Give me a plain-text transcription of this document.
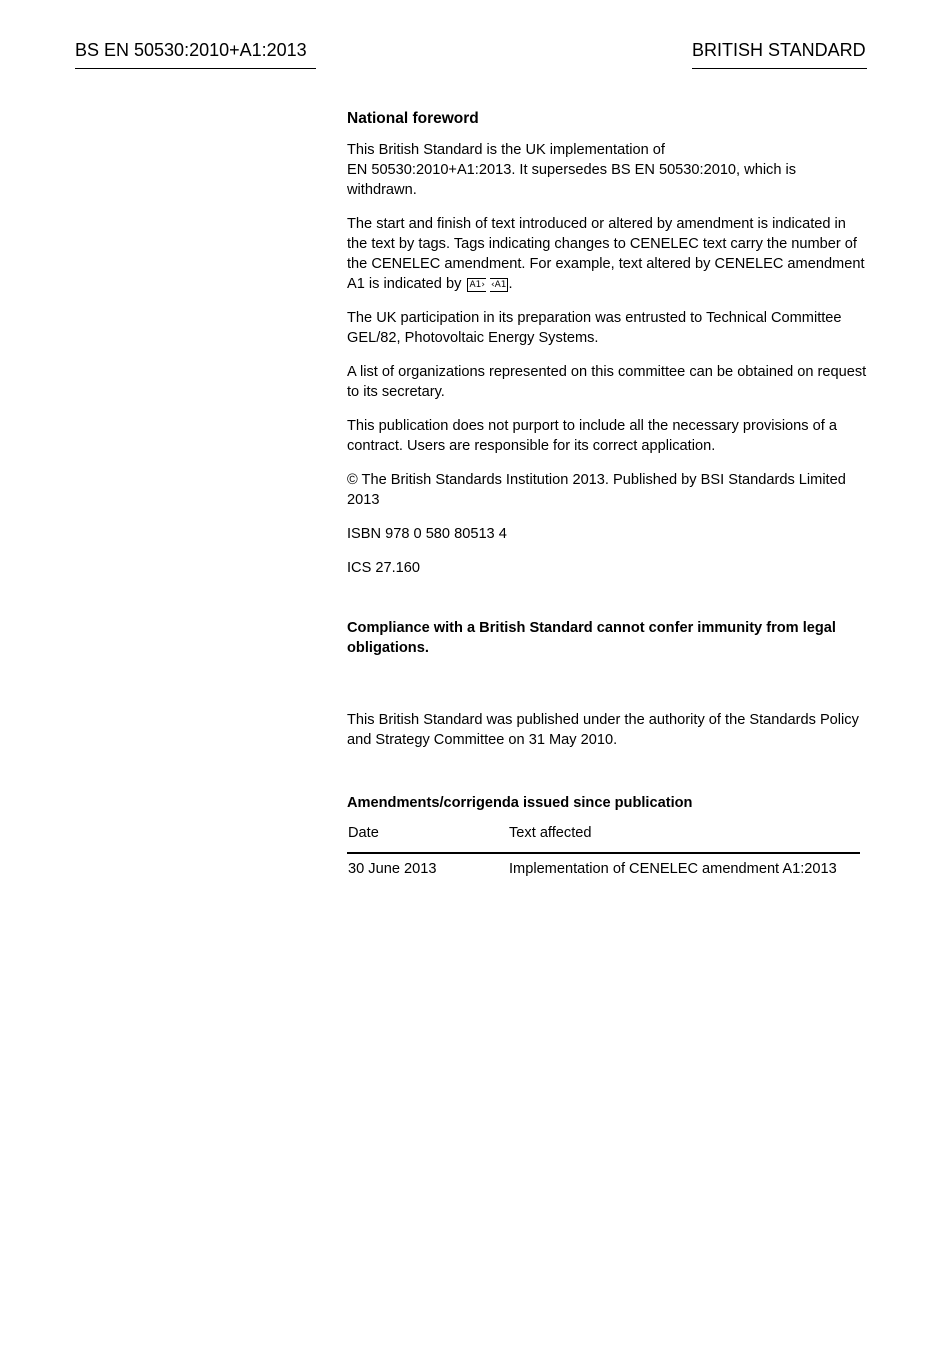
BS EN 50530:2010+A1:2013	BRITISH STANDARD
National foreword

This British Standard is the UK implementation of
EN 50530:2010+A1:2013. It supersedes BS EN 50530:2010, which is withdrawn.

The start and finish of text introduced or altered by amendment is indicated in the text by tags. Tags indicating changes to CENELEC text carry the number of the CENELEC amendment. For example, text altered by CENELEC amendment A1 is indicated by A1› ‹A1 .

The UK participation in its preparation was entrusted to Technical Committee GEL/82, Photovoltaic Energy Systems.

A list of organizations represented on this committee can be obtained on request to its secretary.

This publication does not purport to include all the necessary provisions of a contract. Users are responsible for its correct application.

© The British Standards Institution 2013. Published by BSI Standards Limited 2013

ISBN 978 0 580 80513 4

ICS 27.160

Compliance with a British Standard cannot confer immunity from legal obligations.

This British Standard was published under the authority of the Standards Policy and Strategy Committee on 31 May 2010.

Amendments/corrigenda issued since publication
Date	Text affected
30 June 2013	Implementation of CENELEC amendment A1:2013
